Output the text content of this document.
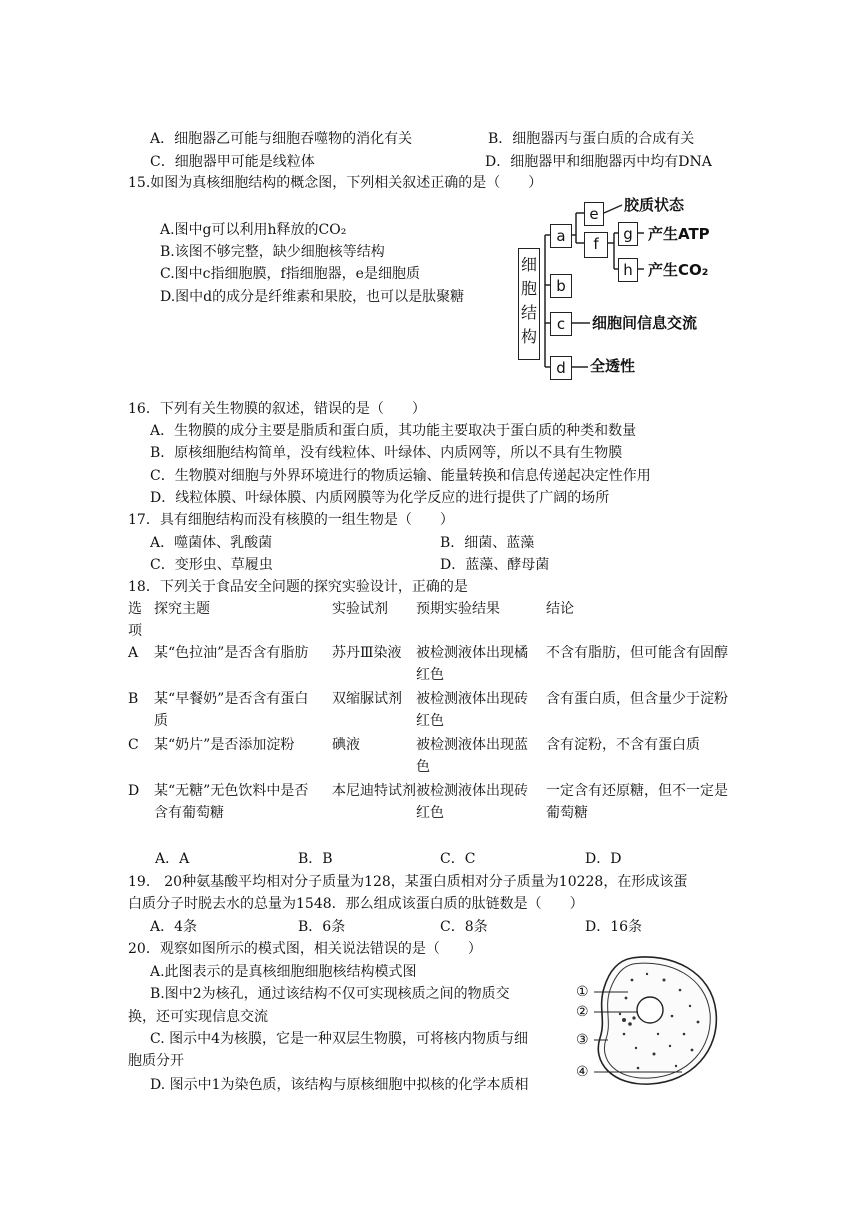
A．细胞器乙可能与细胞吞噬物的消化有关	B．细胞器丙与蛋白质的合成有关
C．细胞器甲可能是线粒体	D．细胞器甲和细胞器丙中均有DNA
15.如图为真核细胞结构的概念图，下列相关叙述正确的是（　　）
A.图中g可以利用h释放的CO₂
B.该图不够完整，缺少细胞核等结构
C.图中c指细胞膜，f指细胞器，e是细胞质
D.图中d的成分是纤维素和果胶，也可以是肽聚糖
细胞结构
a
b
c
d
e
f
g
h
胶质状态
产生ATP
产生CO₂
细胞间信息交流
全透性
16．下列有关生物膜的叙述，错误的是（　　）
A．生物膜的成分主要是脂质和蛋白质，其功能主要取决于蛋白质的种类和数量
B．原核细胞结构简单，没有线粒体、叶绿体、内质网等，所以不具有生物膜
C．生物膜对细胞与外界环境进行的物质运输、能量转换和信息传递起决定性作用
D．线粒体膜、叶绿体膜、内质网膜等为化学反应的进行提供了广阔的场所
17．具有细胞结构而没有核膜的一组生物是（　　）
A．噬菌体、乳酸菌	B．细菌、蓝藻
C．变形虫、草履虫	D．蓝藻、酵母菌
18．下列关于食品安全问题的探究实验设计，正确的是
选项	探究主题	实验试剂	预期实验结果	结论
A	某“色拉油”是否含有脂肪	苏丹Ⅲ染液	被检测液体出现橘红色	不含有脂肪，但可能含有固醇
B	某“早餐奶”是否含有蛋白质	双缩脲试剂	被检测液体出现砖红色	含有蛋白质，但含量少于淀粉
C	某“奶片”是否添加淀粉	碘液	被检测液体出现蓝色	含有淀粉，不含有蛋白质
D	某“无糖”无色饮料中是否含有葡萄糖	本尼迪特试剂	被检测液体出现砖红色	一定含有还原糖，但不一定是葡萄糖
A．A	B．B	C．C	D．D
19.　20种氨基酸平均相对分子质量为128，某蛋白质相对分子质量为10228，在形成该蛋
白质分子时脱去水的总量为1548．那么组成该蛋白质的肽链数是（　　）
A．4条	B．6条	C．8条	D．16条
20．观察如图所示的模式图，相关说法错误的是（　　）
A.此图表示的是真核细胞细胞核结构模式图
B.图中2为核孔，通过该结构不仅可实现核质之间的物质交
换，还可实现信息交流
C. 图示中4为核膜，它是一种双层生物膜，可将核内物质与细
胞质分开
D. 图示中1为染色质，该结构与原核细胞中拟核的化学本质相
①
②
③
④
